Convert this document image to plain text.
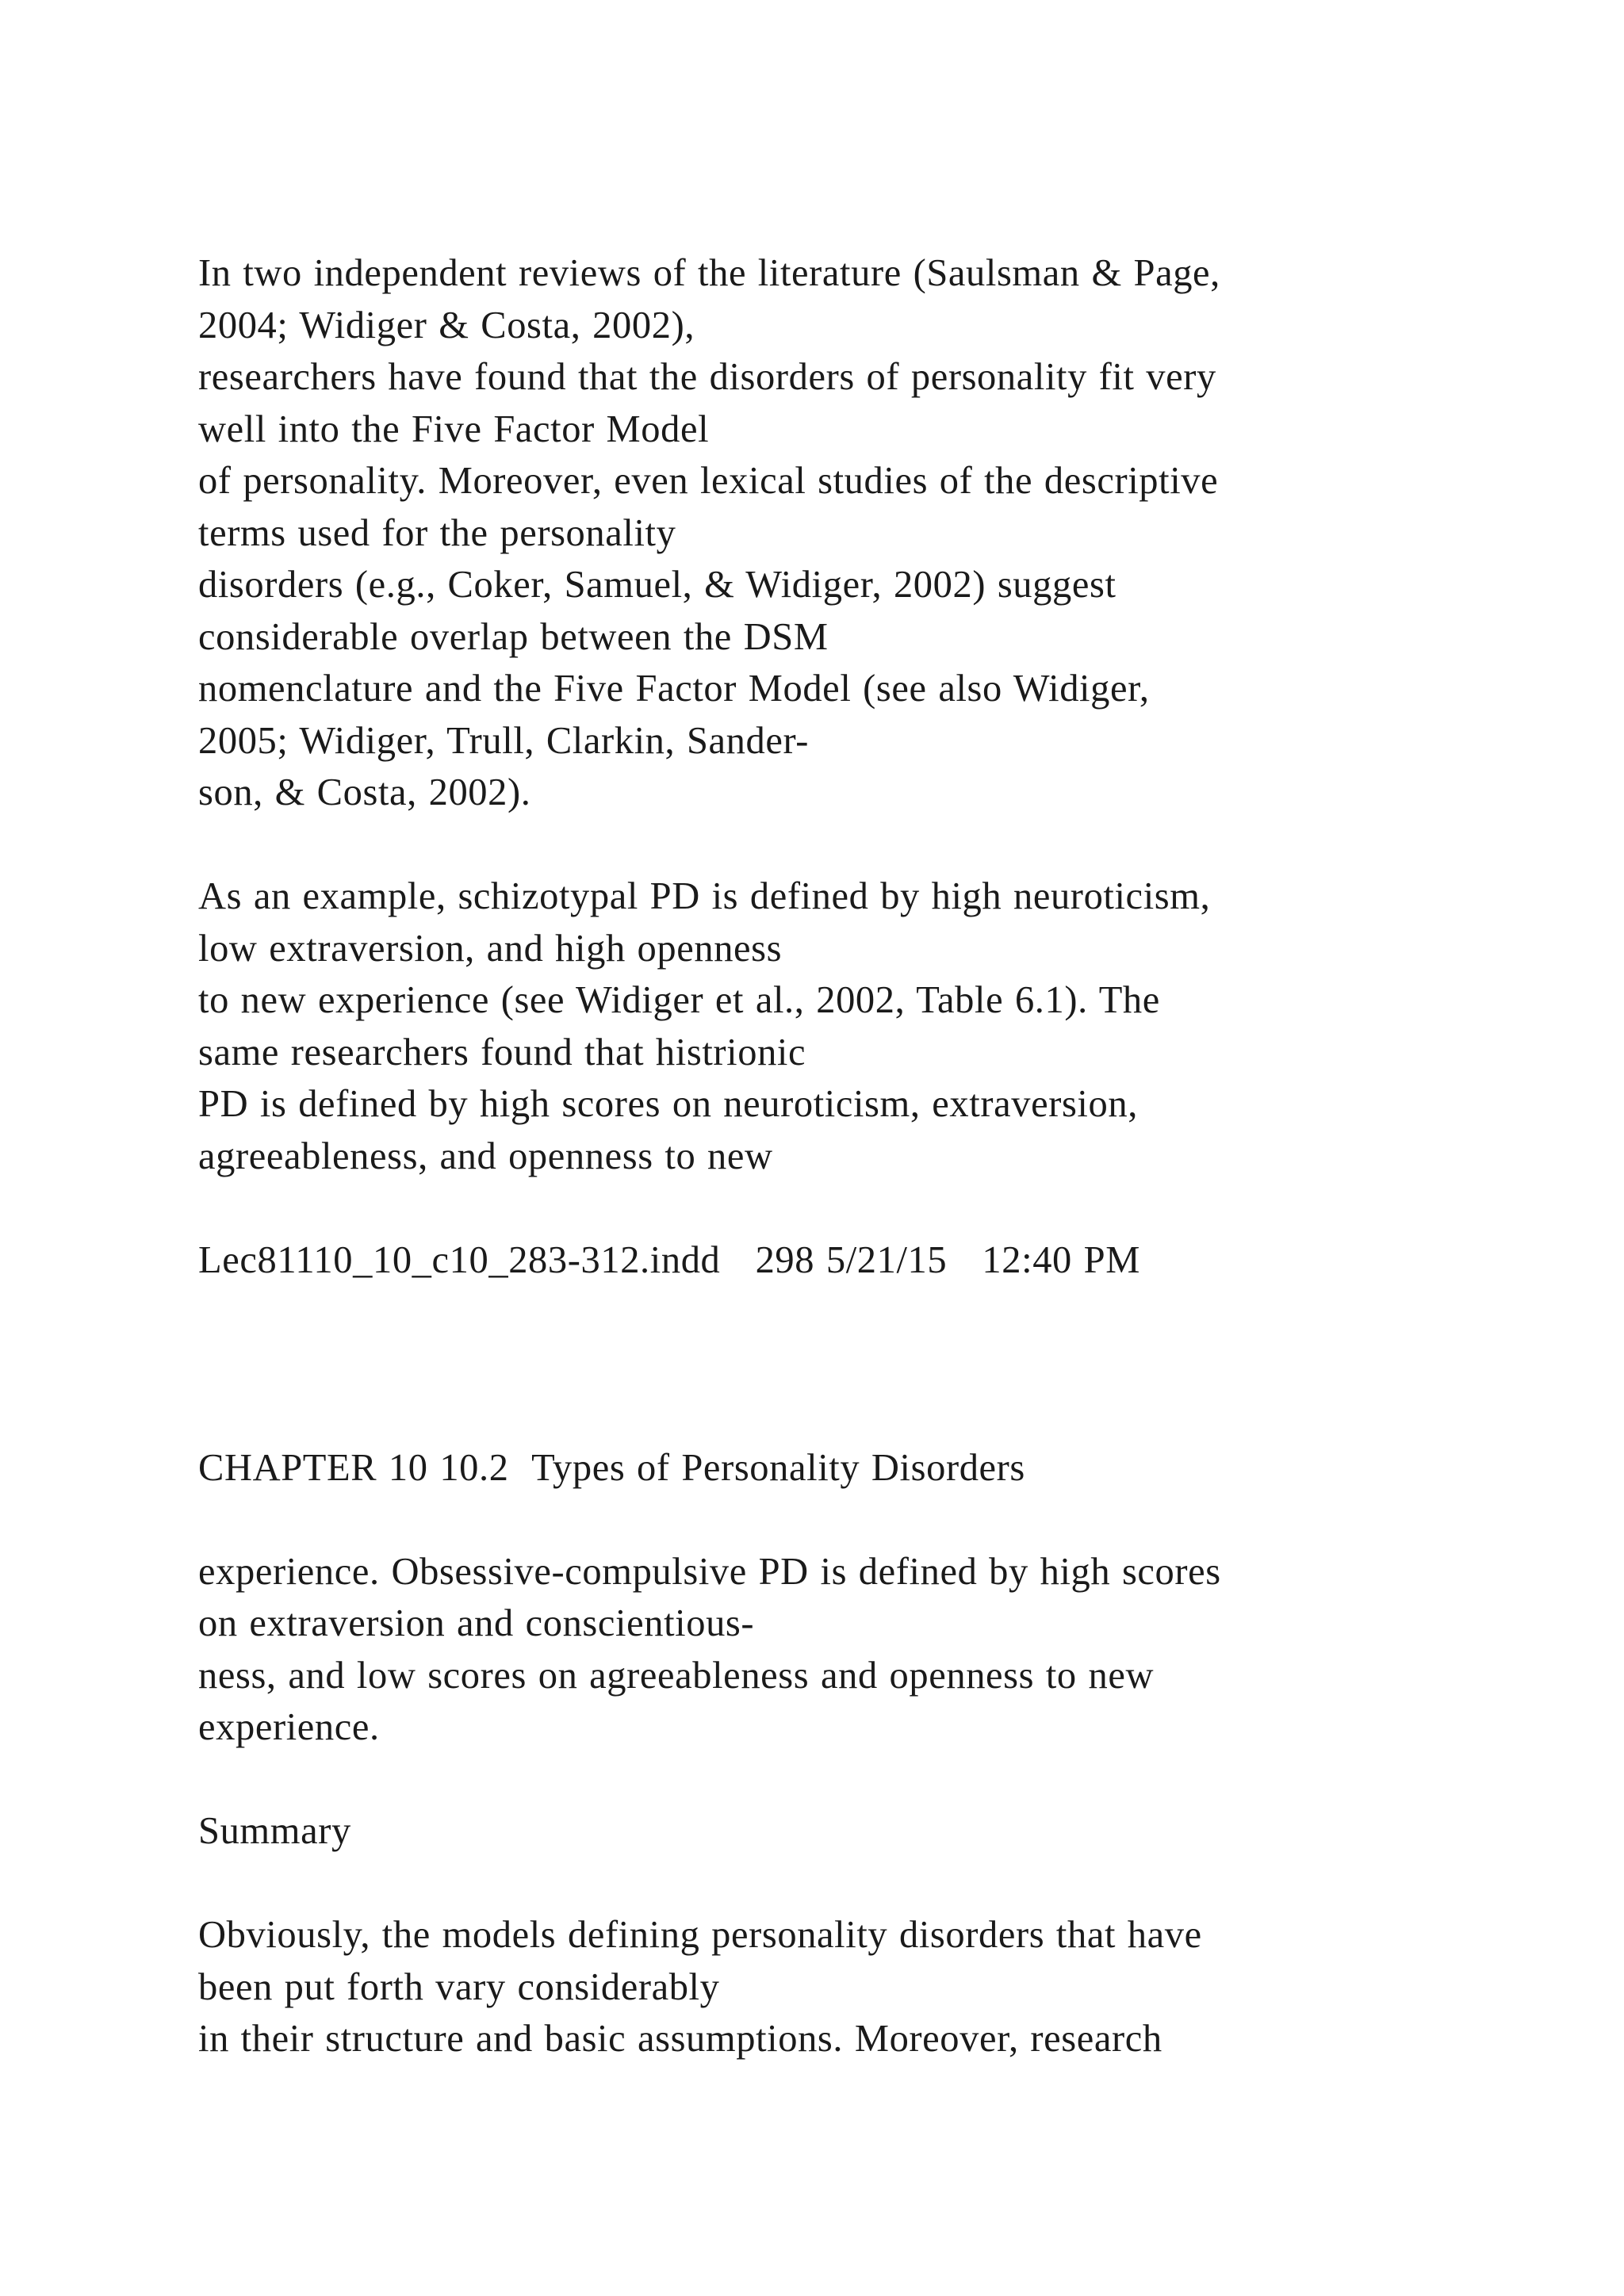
In two independent reviews of the literature (Saulsman & Page,
2004; Widiger & Costa, 2002),
researchers have found that the disorders of personality fit very
well into the Five Factor Model
of personality. Moreover, even lexical studies of the descriptive
terms used for the personality
disorders (e.g., Coker, Samuel, & Widiger, 2002) suggest
considerable overlap between the DSM
nomenclature and the Five Factor Model (see also Widiger,
2005; Widiger, Trull, Clarkin, Sander-
son, & Costa, 2002).
As an example, schizotypal PD is defined by high neuroticism,
low extraversion, and high openness
to new experience (see Widiger et al., 2002, Table 6.1). The
same researchers found that histrionic
PD is defined by high scores on neuroticism, extraversion,
agreeableness, and openness to new
Lec81110_10_c10_283-312.indd   298 5/21/15   12:40 PM
CHAPTER 10 10.2  Types of Personality Disorders
experience. Obsessive-compulsive PD is defined by high scores
on extraversion and conscientious-
ness, and low scores on agreeableness and openness to new
experience.
Summary
Obviously, the models defining personality disorders that have
been put forth vary considerably
in their structure and basic assumptions. Moreover, research
